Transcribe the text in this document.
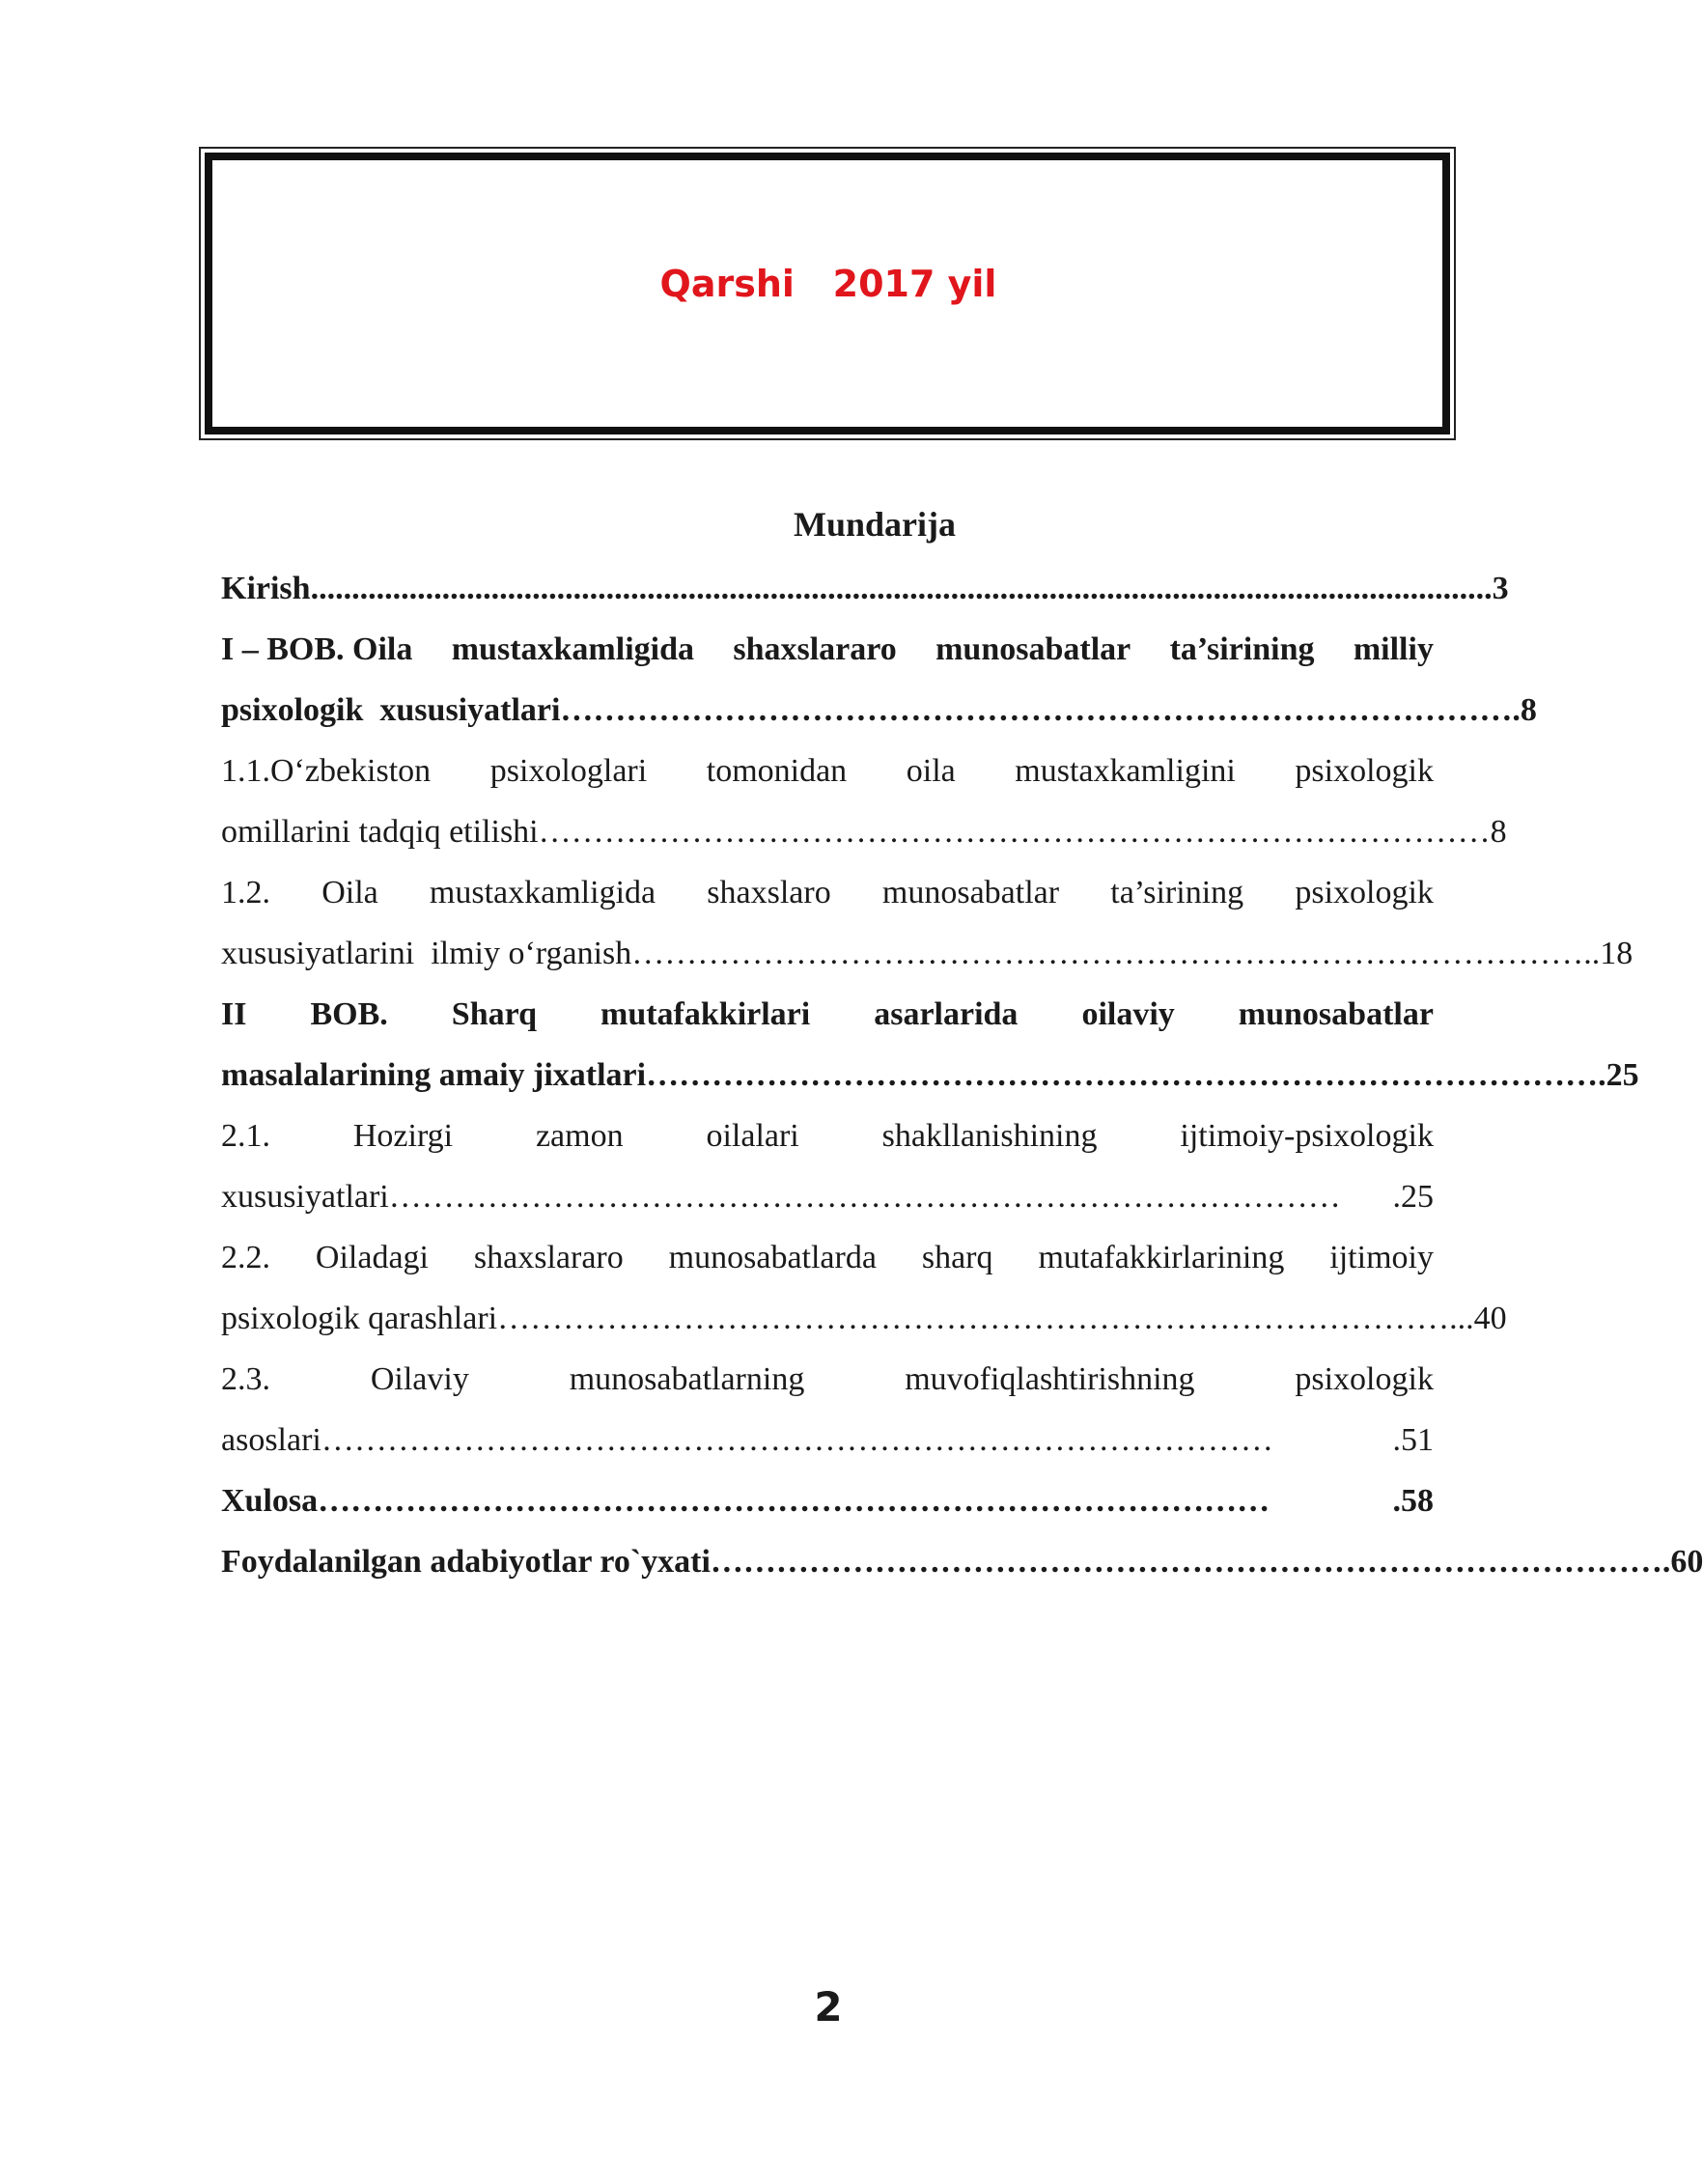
Qarshi 2017 yil
Mundarija
Kirish ................................................................................................................................................ 3
I – BOB. Oila mustaxkamligida shaxslararo munosabatlar ta’sirining milliy
psixologik  xususiyatlari …………………………………………………………………………… .8
1.1.O‘zbekiston psixologlari tomonidan oila mustaxkamligini psixologik
omillarini tadqiq etilishi …………………………………………………………………………… 8
1.2. Oila mustaxkamligida shaxslaro munosabatlar ta’sirining psixologik
xususiyatlarini  ilmiy o‘rganish …………………………………………………………………………… ..18
II BOB. Sharq mutafakkirlari asarlarida oilaviy munosabatlar
masalalarining amaiy jixatlari …………………………………………………………………………… .25
2.1.	Hozirgi	zamon	oilalari	shakllanishining	ijtimoiy-psixologik
xususiyatlari ……………………………………………………………………………	.25
2.2. Oiladagi shaxslararo munosabatlarda sharq mutafakkirlarining ijtimoiy
psixologik qarashlari …………………………………………………………………………… ...40
2.3.	Oilaviy	munosabatlarning	muvofiqlashtirishning	psixologik
asoslari ……………………………………………………………………………	.51
Xulosa ……………………………………………………………………………	.58
Foydalanilgan adabiyotlar ro`yxati …………………………………………………………………………… .60
2
